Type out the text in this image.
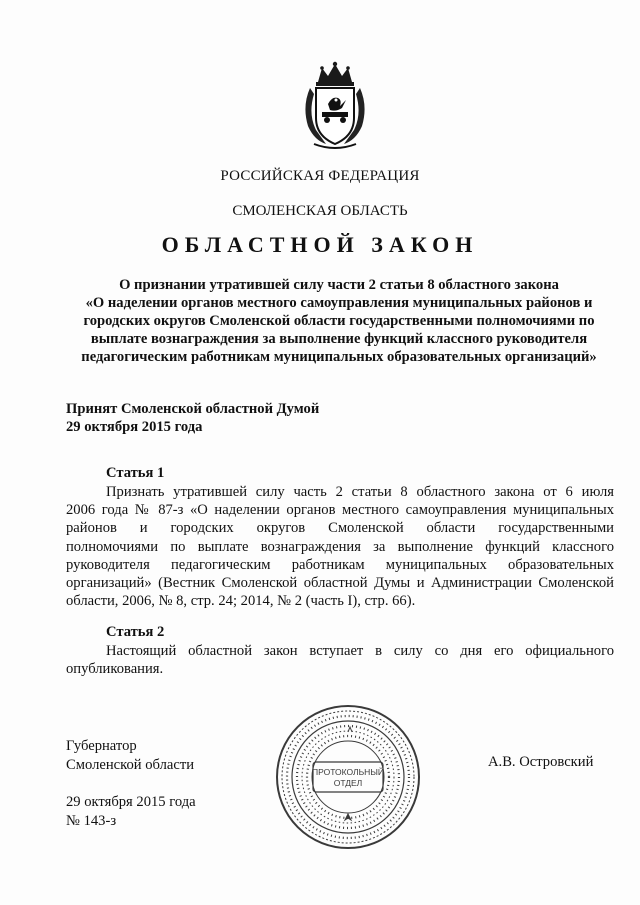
РОССИЙСКАЯ ФЕДЕРАЦИЯ
СМОЛЕНСКАЯ ОБЛАСТЬ
ОБЛАСТНОЙ ЗАКОН
О признании утратившей силу части 2 статьи 8 областного закона
«О наделении органов местного самоуправления муниципальных районов и
городских округов Смоленской области государственными полномочиями по
выплате вознаграждения за выполнение функций классного руководителя
педагогическим работникам муниципальных образовательных организаций»
Принят Смоленской областной Думой
29 октября 2015 года
Статья 1
Признать утратившей силу часть 2 статьи 8 областного закона от 6 июля
2006 года № 87-з «О наделении органов местного самоуправления муниципальных
районов и городских округов Смоленской области государственными
полномочиями по выплате вознаграждения за выполнение функций классного
руководителя педагогическим работникам муниципальных образовательных
организаций» (Вестник Смоленской областной Думы и Администрации Смоленской
области, 2006, № 8, стр. 24; 2014, № 2 (часть I), стр. 66).
Статья 2
Настоящий областной закон вступает в силу со дня его официального
опубликования.
Губернатор
Смоленской области	А.В. Островский
29 октября 2015 года
№ 143-з
ПРОТОКОЛЬНЫЙ
ОТДЕЛ
